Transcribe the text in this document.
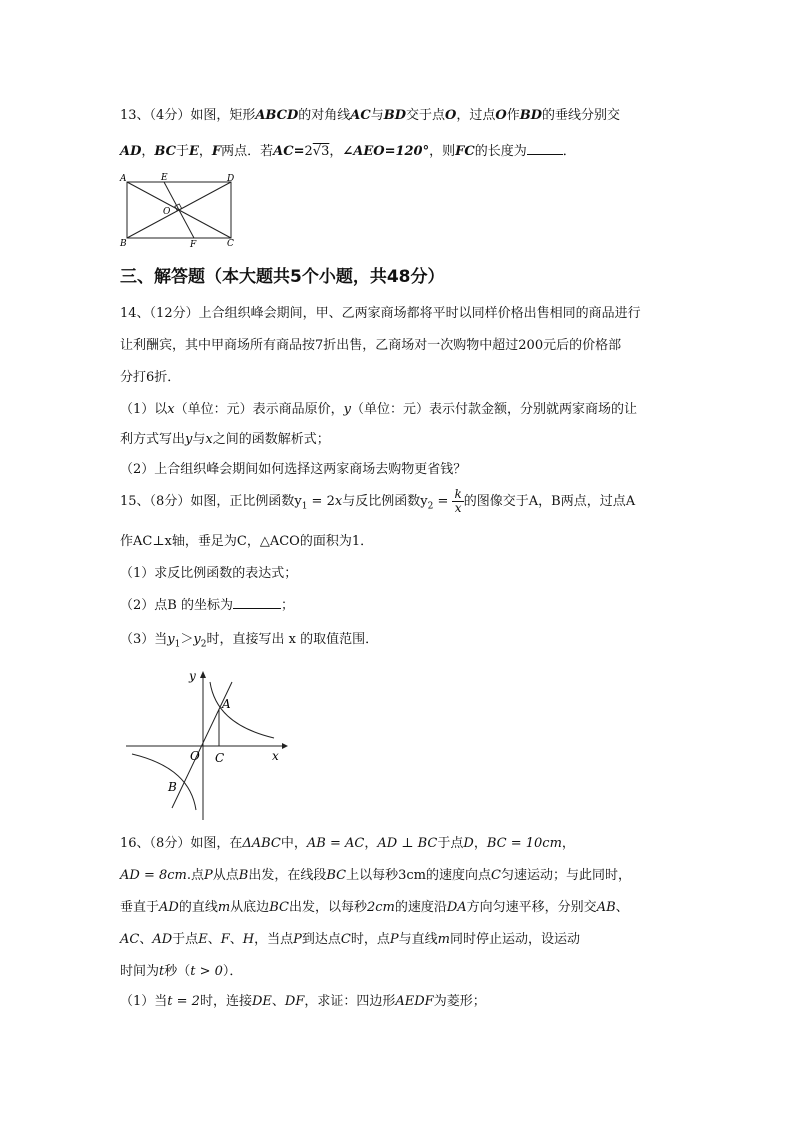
13、（4分）如图，矩形ABCD的对角线AC与BD交于点O，过点O作BD的垂线分别交
AD，BC于E，F两点．若AC=2√3，∠AEO=120°，则FC的长度为	．
A	E	D
O
B	F	C
三、解答题（本大题共5个小题，共48分）
14、（12分）上合组织峰会期间，甲、乙两家商场都将平时以同样价格出售相同的商品进行
让利酬宾，其中甲商场所有商品按7折出售，乙商场对一次购物中超过200元后的价格部
分打6折．
（1）以x（单位：元）表示商品原价，y（单位：元）表示付款金额，分别就两家商场的让
利方式写出y与x之间的函数解析式；
（2）上合组织峰会期间如何选择这两家商场去购物更省钱？
15、（8分）如图，正比例函数$y_1 = 2x$与反比例函数$y_2 = \frac{k}{x}$ 的图像交于A，B两点，过点A
作AC⊥x轴，垂足为C，△ACO的面积为1．
（1）求反比例函数的表达式；
（2）点B 的坐标为	；
（3）当$y_1>y_2$时，直接写出 x 的取值范围．
y
x
A
O C
B
16、（8分）如图，在ΔABC中，AB = AC，AD ⊥ BC于点D，BC = 10cm，
AD = 8cm.点P从点B出发，在线段BC上以每秒3cm的速度向点C匀速运动；与此同时，
垂直于AD的直线m从底边BC出发，以每秒2cm的速度沿DA方向匀速平移，分别交AB、
AC、AD于点E、F、H，当点P到达点C时，点P与直线m同时停止运动，设运动
时间为t秒（t > 0）．
（1）当t = 2时，连接DE、DF，求证：四边形AEDF为菱形；
